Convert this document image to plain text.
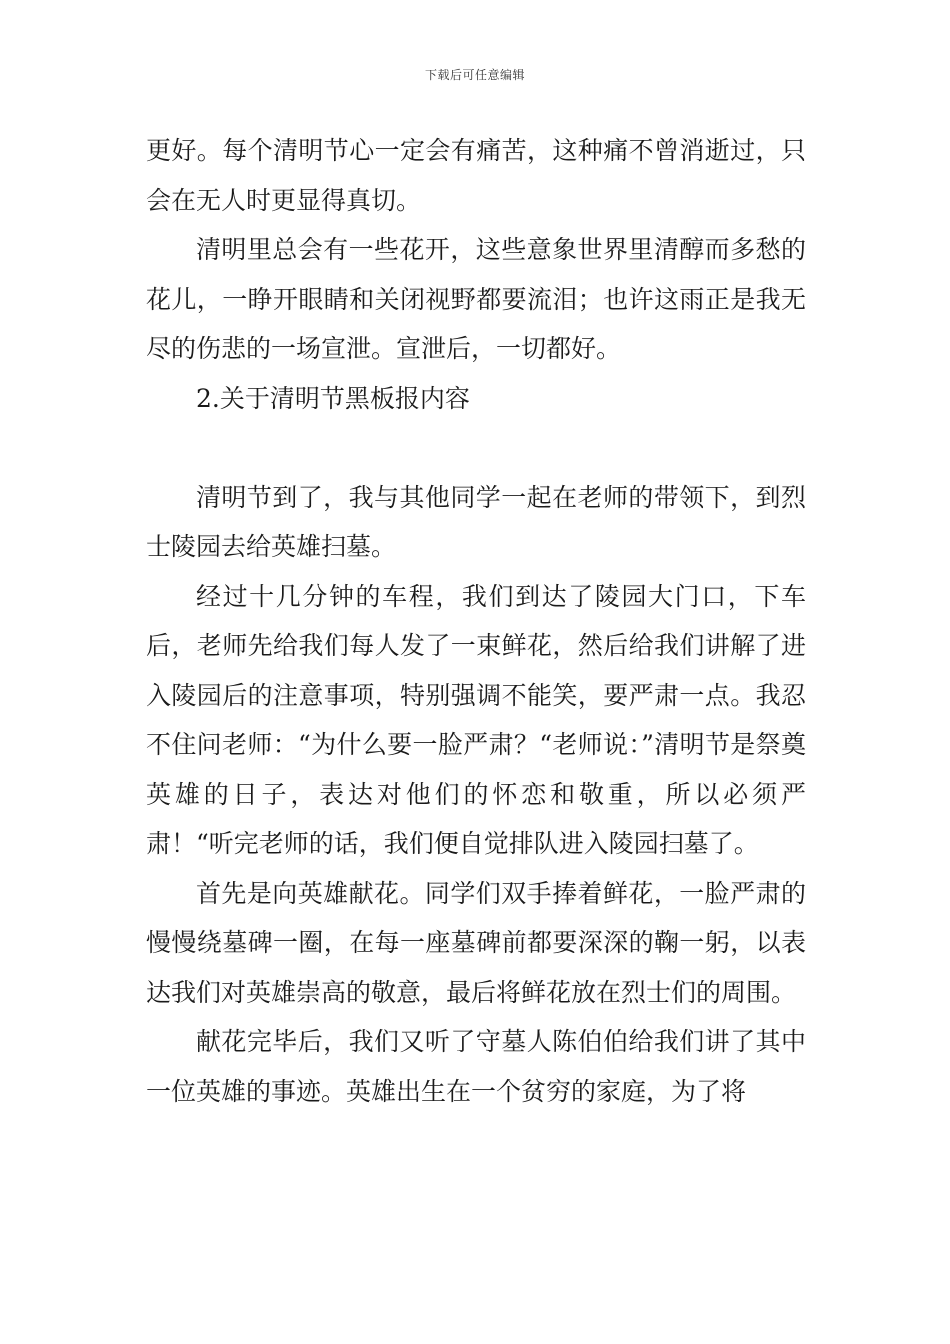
下载后可任意编辑

更好。每个清明节心一定会有痛苦，这种痛不曾消逝过，只会在无人时更显得真切。

清明里总会有一些花开，这些意象世界里清醇而多愁的花儿，一睁开眼睛和关闭视野都要流泪；也许这雨正是我无尽的伤悲的一场宣泄。宣泄后，一切都好。

2.关于清明节黑板报内容

清明节到了，我与其他同学一起在老师的带领下，到烈士陵园去给英雄扫墓。

经过十几分钟的车程，我们到达了陵园大门口，下车后，老师先给我们每人发了一束鲜花，然后给我们讲解了进入陵园后的注意事项，特别强调不能笑，要严肃一点。我忍不住问老师：“为什么要一脸严肃？“老师说：”清明节是祭奠英雄的日子，表达对他们的怀恋和敬重，所以必须严肃！“听完老师的话，我们便自觉排队进入陵园扫墓了。

首先是向英雄献花。同学们双手捧着鲜花，一脸严肃的慢慢绕墓碑一圈，在每一座墓碑前都要深深的鞠一躬，以表达我们对英雄崇高的敬意，最后将鲜花放在烈士们的周围。

献花完毕后，我们又听了守墓人陈伯伯给我们讲了其中一位英雄的事迹。英雄出生在一个贫穷的家庭，为了将
